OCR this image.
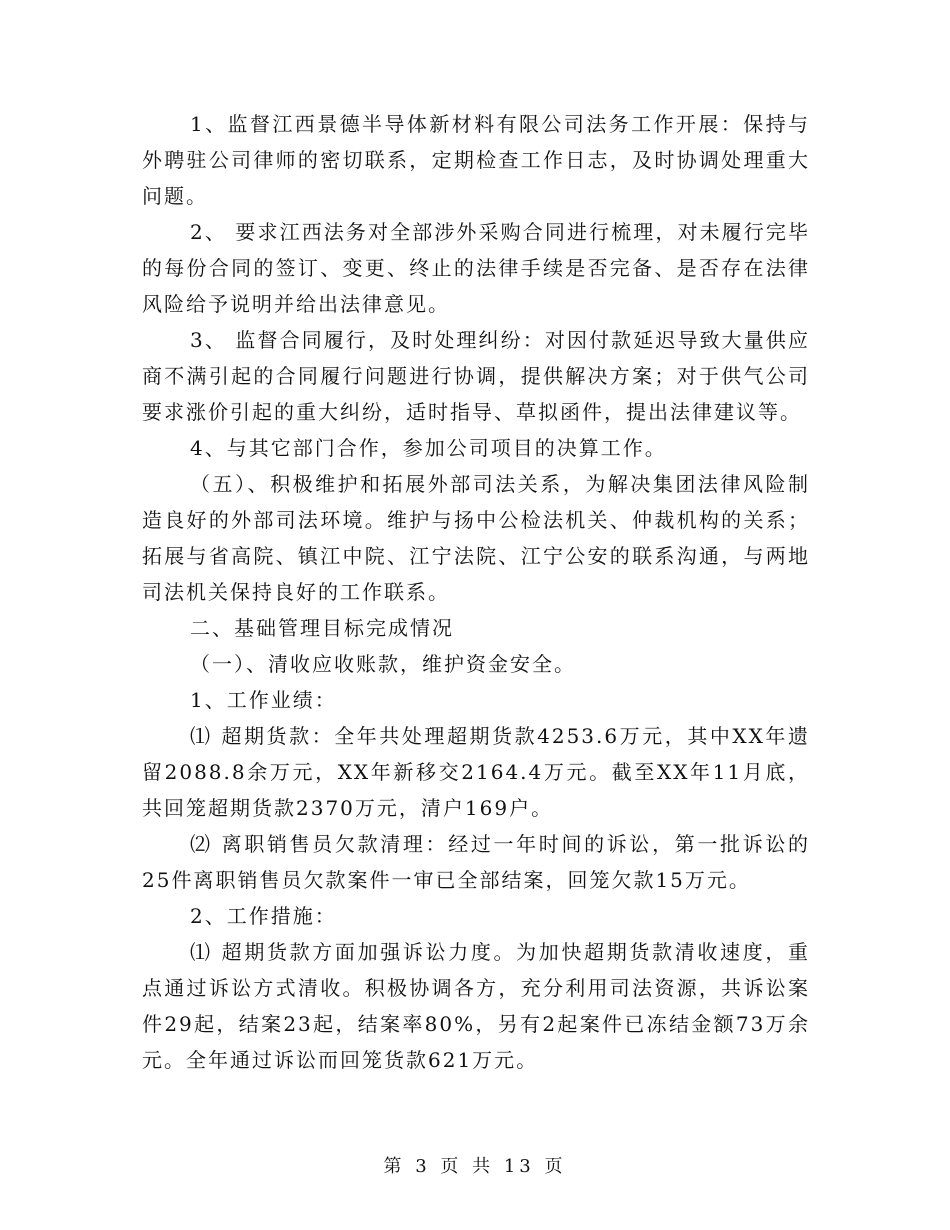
1、监督江西景德半导体新材料有限公司法务工作开展：保持与外聘驻公司律师的密切联系，定期检查工作日志，及时协调处理重大问题。

2、 要求江西法务对全部涉外采购合同进行梳理，对未履行完毕的每份合同的签订、变更、终止的法律手续是否完备、是否存在法律风险给予说明并给出法律意见。

3、 监督合同履行，及时处理纠纷：对因付款延迟导致大量供应商不满引起的合同履行问题进行协调，提供解决方案；对于供气公司要求涨价引起的重大纠纷，适时指导、草拟函件，提出法律建议等。

4、与其它部门合作，参加公司项目的决算工作。

（五）、积极维护和拓展外部司法关系，为解决集团法律风险制造良好的外部司法环境。维护与扬中公检法机关、仲裁机构的关系；拓展与省高院、镇江中院、江宁法院、江宁公安的联系沟通，与两地司法机关保持良好的工作联系。

二、基础管理目标完成情况

（一）、清收应收账款，维护资金安全。

1、工作业绩：

⑴ 超期货款：全年共处理超期货款4253.6万元，其中XX年遗留2088.8余万元，XX年新移交2164.4万元。截至XX年11月底，共回笼超期货款2370万元，清户169户。

⑵ 离职销售员欠款清理：经过一年时间的诉讼，第一批诉讼的25件离职销售员欠款案件一审已全部结案，回笼欠款15万元。

2、工作措施：

⑴ 超期货款方面加强诉讼力度。为加快超期货款清收速度，重点通过诉讼方式清收。积极协调各方，充分利用司法资源，共诉讼案件29起，结案23起，结案率80%，另有2起案件已冻结金额73万余元。全年通过诉讼而回笼货款621万元。

第 3 页 共 13 页
